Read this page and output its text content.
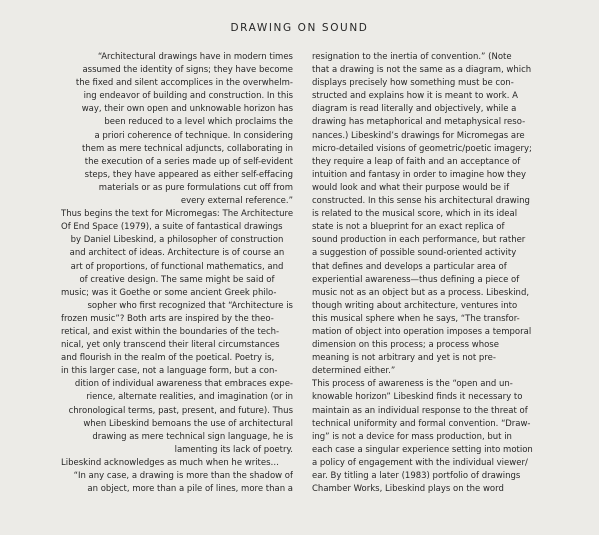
DRAWING ON SOUND
“Architectural drawings have in modern times
assumed the identity of signs; they have become
the fixed and silent accomplices in the overwhelm-
ing endeavor of building and construction. In this
way, their own open and unknowable horizon has
been reduced to a level which proclaims the
a priori coherence of technique. In considering
them as mere technical adjuncts, collaborating in
the execution of a series made up of self-evident
steps, they have appeared as either self-effacing
materials or as pure formulations cut off from
every external reference.”
Thus begins the text for Micromegas: The Architecture
Of End Space (1979), a suite of fantastical drawings
by Daniel Libeskind, a philosopher of construction
and architect of ideas. Architecture is of course an
art of proportions, of functional mathematics, and
of creative design. The same might be said of
music; was it Goethe or some ancient Greek philo-
sopher who first recognized that “Architecture is
frozen music”? Both arts are inspired by the theo-
retical, and exist within the boundaries of the tech-
nical, yet only transcend their literal circumstances
and flourish in the realm of the poetical. Poetry is,
in this larger case, not a language form, but a con-
dition of individual awareness that embraces expe-
rience, alternate realities, and imagination (or in
chronological terms, past, present, and future). Thus
when Libeskind bemoans the use of architectural
drawing as mere technical sign language, he is
lamenting its lack of poetry.
Libeskind acknowledges as much when he writes…
“In any case, a drawing is more than the shadow of
an object, more than a pile of lines, more than a
resignation to the inertia of convention.” (Note
that a drawing is not the same as a diagram, which
displays precisely how something must be con-
structed and explains how it is meant to work. A
diagram is read literally and objectively, while a
drawing has metaphorical and metaphysical reso-
nances.) Libeskind’s drawings for Micromegas are
micro-detailed visions of geometric/poetic imagery;
they require a leap of faith and an acceptance of
intuition and fantasy in order to imagine how they
would look and what their purpose would be if
constructed. In this sense his architectural drawing
is related to the musical score, which in its ideal
state is not a blueprint for an exact replica of
sound production in each performance, but rather
a suggestion of possible sound-oriented activity
that defines and develops a particular area of
experiential awareness—thus defining a piece of
music not as an object but as a process. Libeskind,
though writing about architecture, ventures into
this musical sphere when he says, “The transfor-
mation of object into operation imposes a temporal
dimension on this process; a process whose
meaning is not arbitrary and yet is not pre-
determined either.”
This process of awareness is the “open and un-
knowable horizon” Libeskind finds it necessary to
maintain as an individual response to the threat of
technical uniformity and formal convention. “Draw-
ing” is not a device for mass production, but in
each case a singular experience setting into motion
a policy of engagement with the individual viewer/
ear. By titling a later (1983) portfolio of drawings
Chamber Works, Libeskind plays on the word
